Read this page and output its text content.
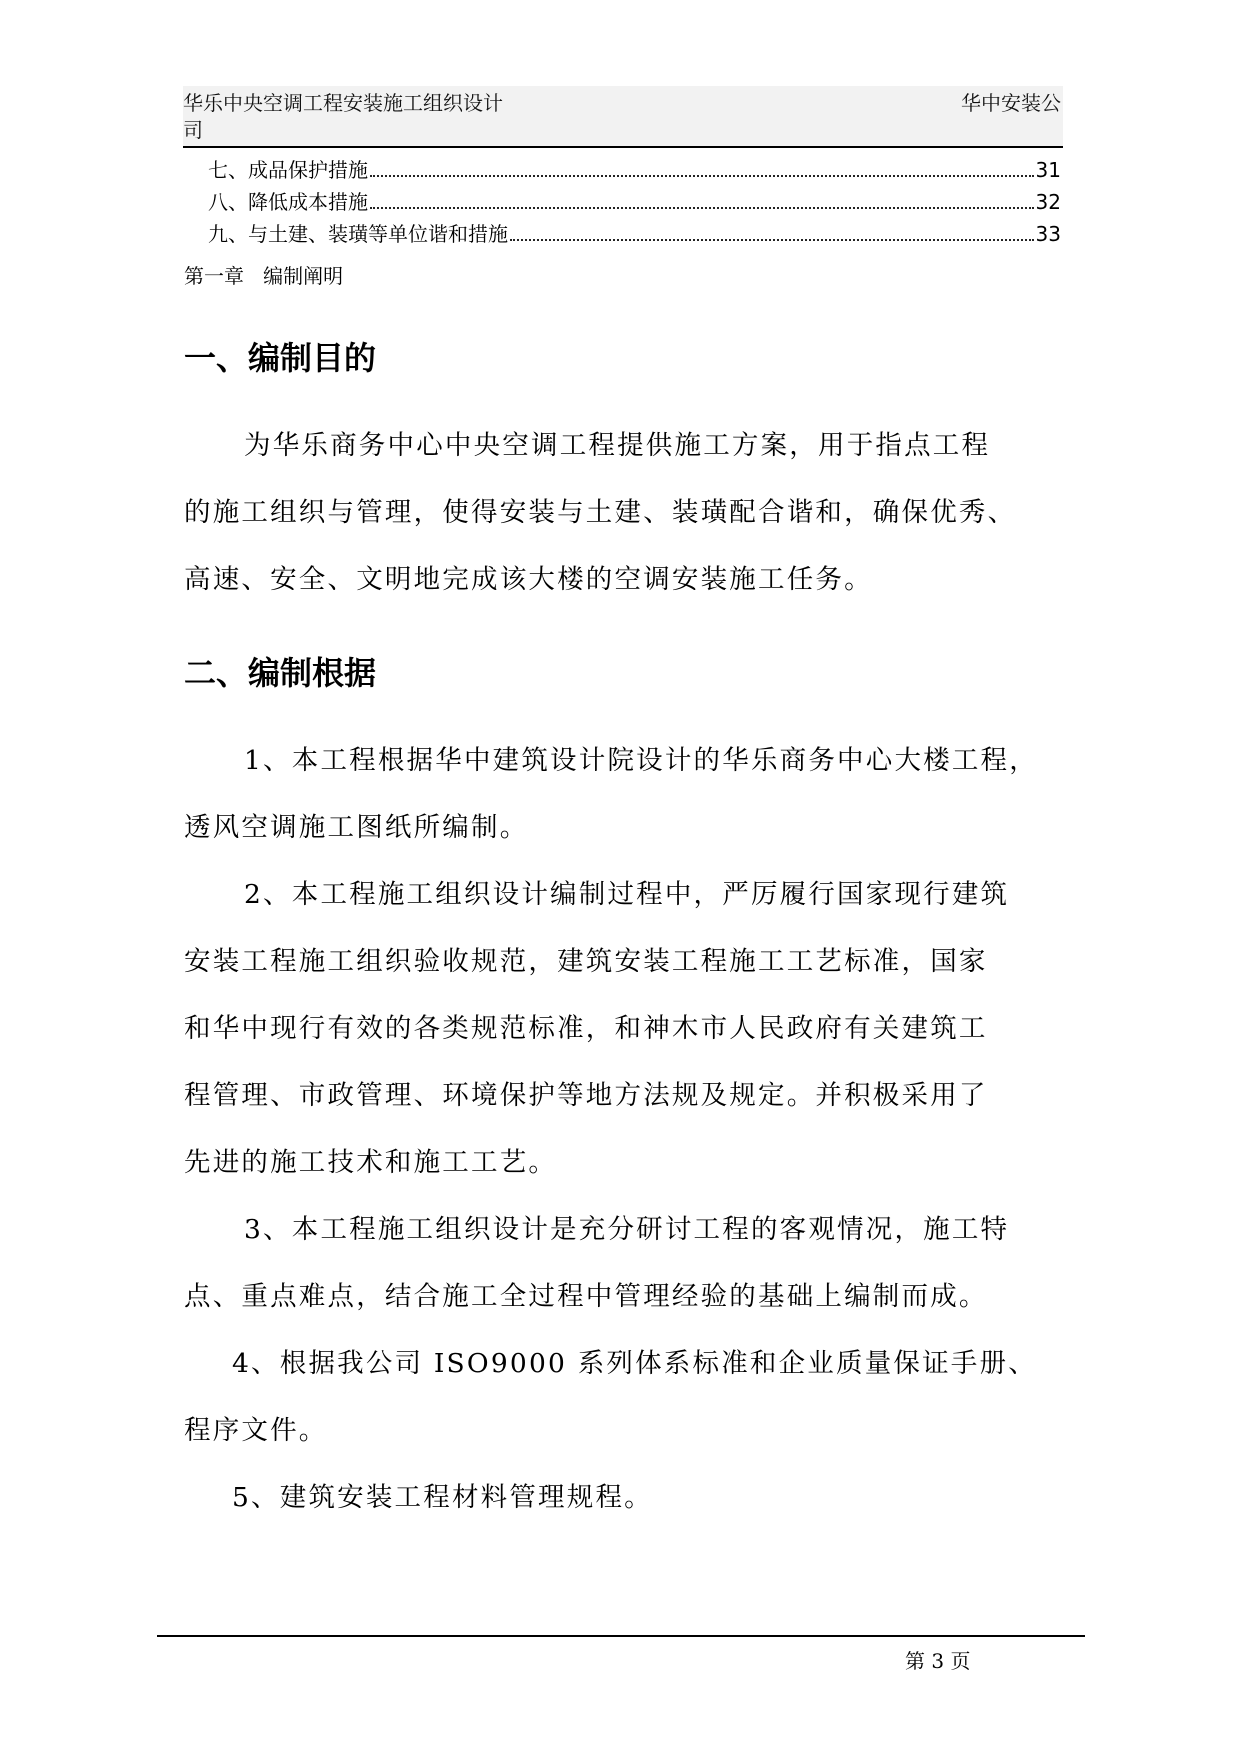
华乐中央空调工程安装施工组织设计	华中安装公
司
七、成品保护措施	31
八、降低成本措施	32
九、与土建、装璜等单位谐和措施	33
第一章   编制阐明
一、编制目的
为华乐商务中心中央空调工程提供施工方案，用于指点工程
的施工组织与管理，使得安装与土建、装璜配合谐和，确保优秀、
高速、安全、文明地完成该大楼的空调安装施工任务。
二、编制根据
1、本工程根据华中建筑设计院设计的华乐商务中心大楼工程，
透风空调施工图纸所编制。
2、本工程施工组织设计编制过程中，严厉履行国家现行建筑
安装工程施工组织验收规范，建筑安装工程施工工艺标准，国家
和华中现行有效的各类规范标准，和神木市人民政府有关建筑工
程管理、市政管理、环境保护等地方法规及规定。并积极采用了
先进的施工技术和施工工艺。
3、本工程施工组织设计是充分研讨工程的客观情况，施工特
点、重点难点，结合施工全过程中管理经验的基础上编制而成。
4、根据我公司 ISO9000 系列体系标准和企业质量保证手册、
程序文件。
5、建筑安装工程材料管理规程。
第 3 页
